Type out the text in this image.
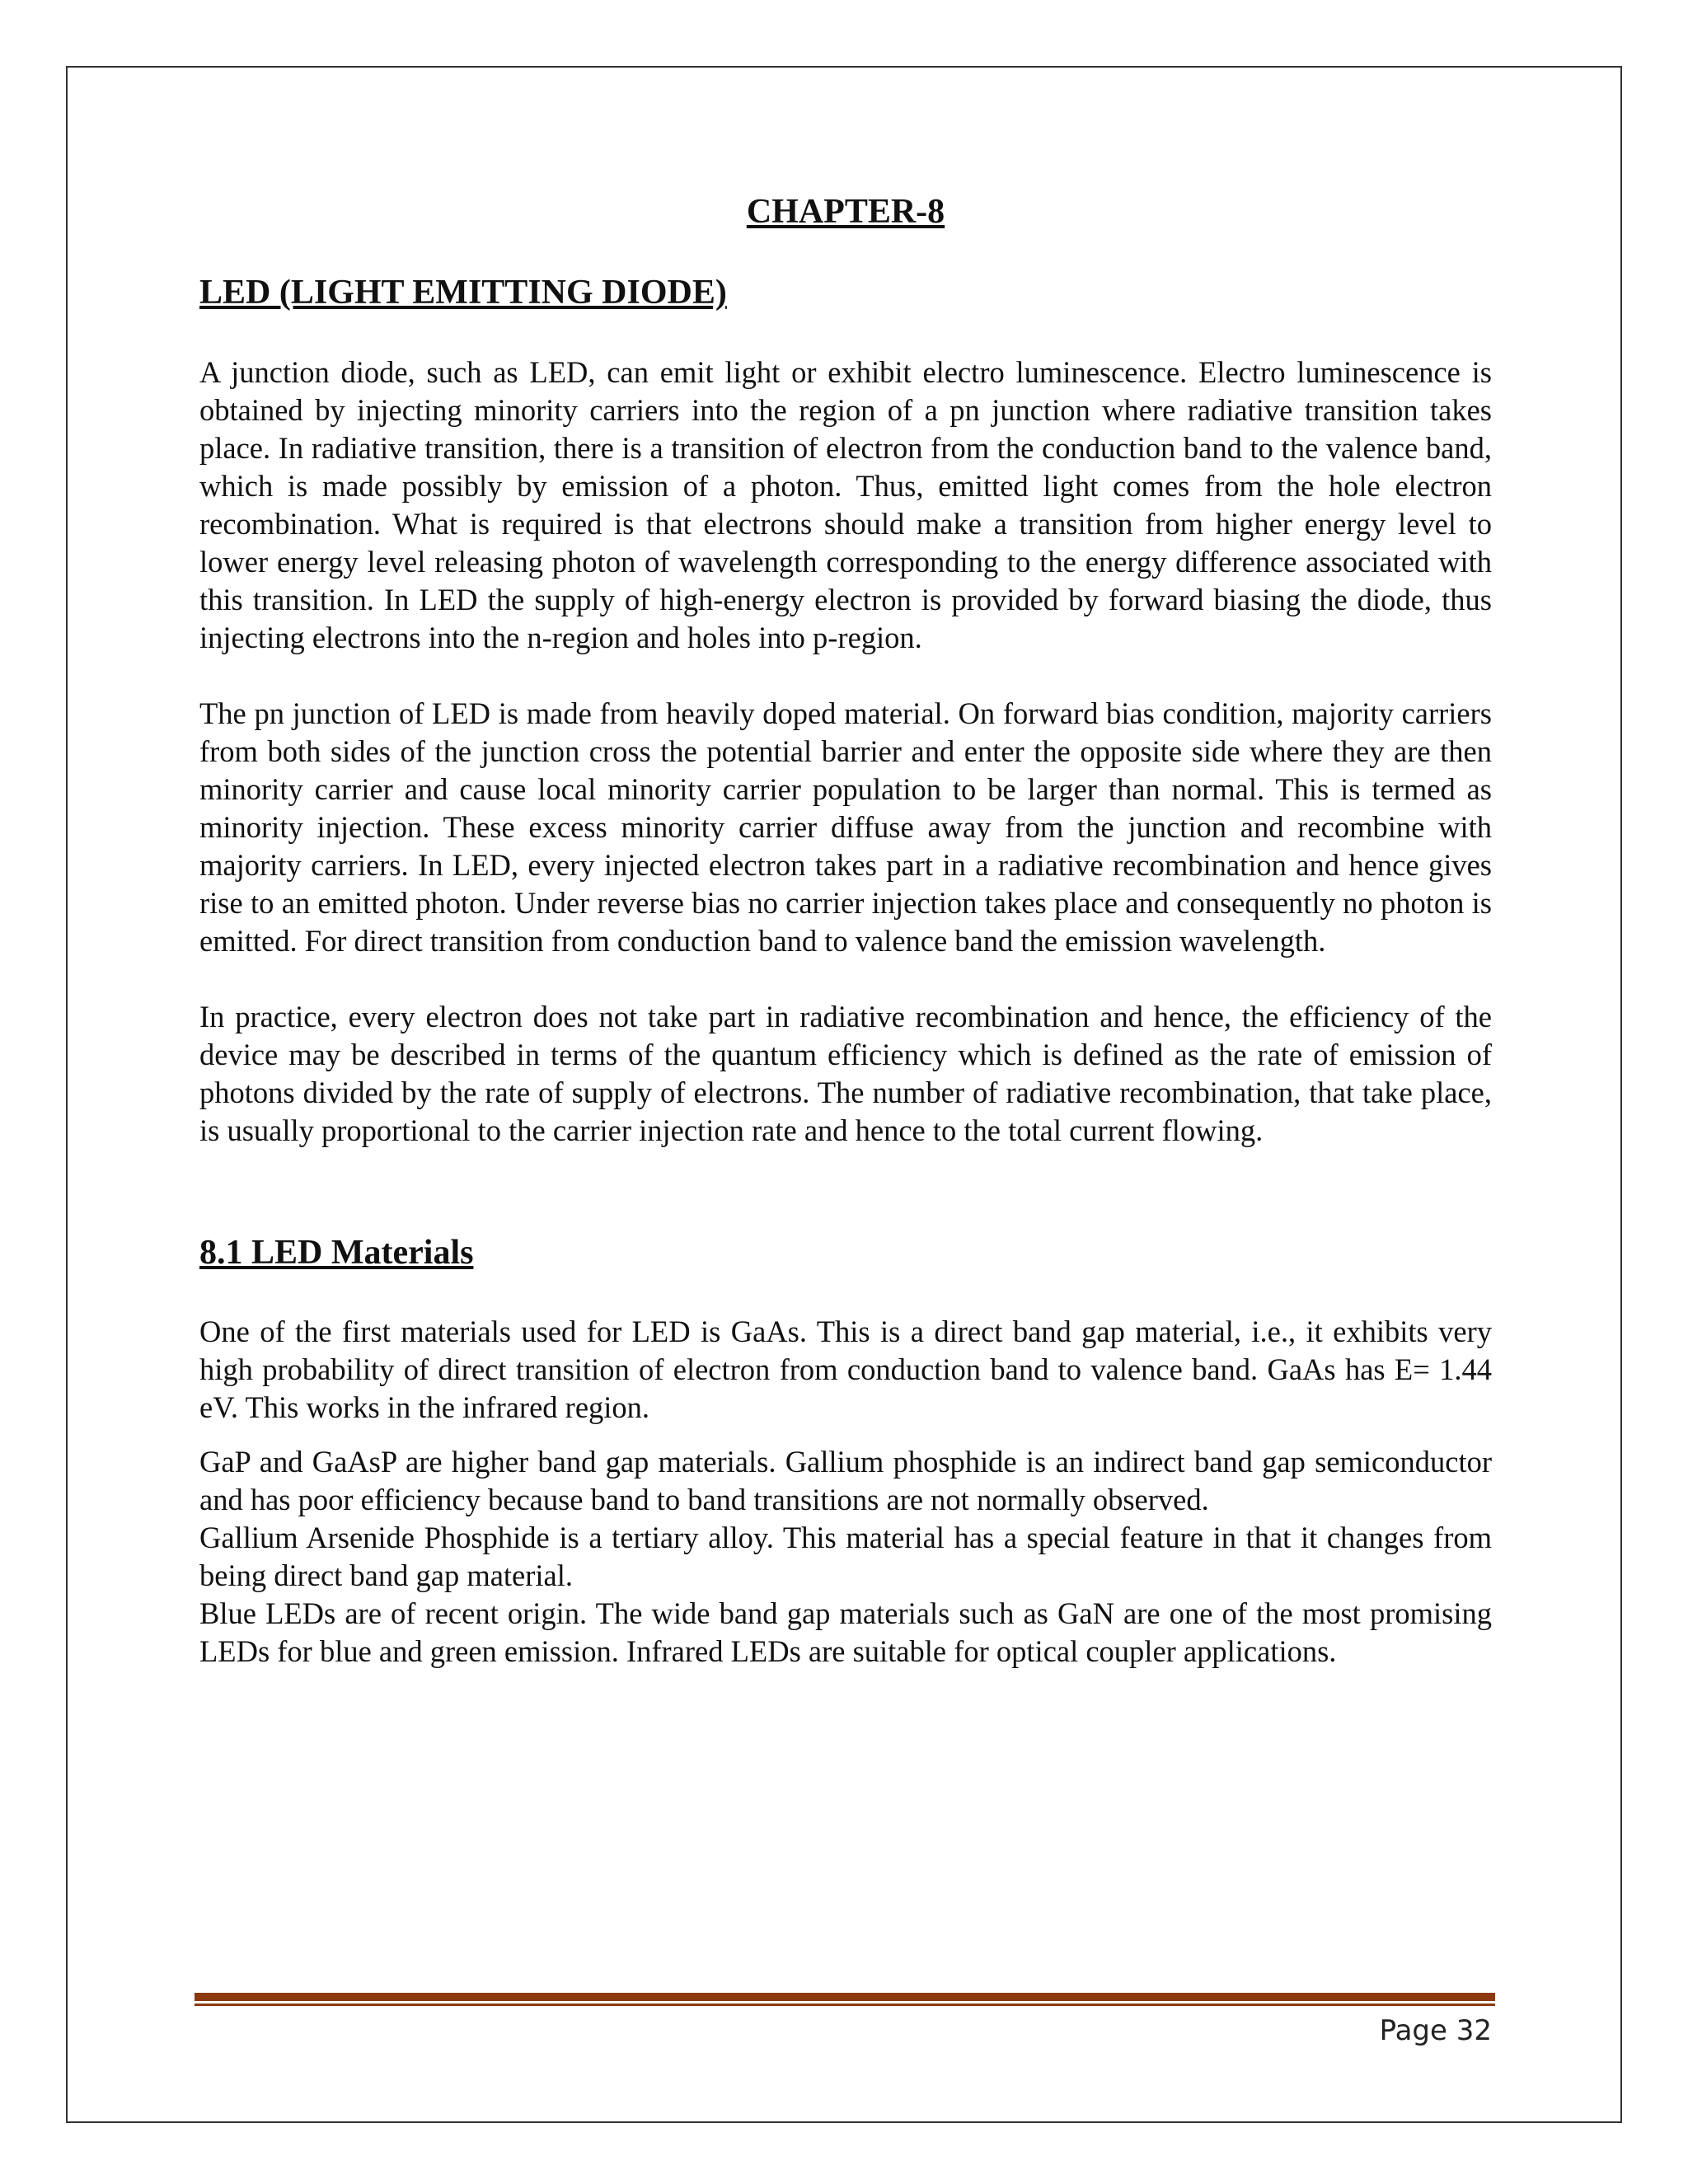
CHAPTER-8
LED (LIGHT EMITTING DIODE)

A junction diode, such as LED, can emit light or exhibit electro luminescence. Electro luminescence is obtained by injecting minority carriers into the region of a pn junction where radiative transition takes place. In radiative transition, there is a transition of electron from the conduction band to the valence band, which is made possibly by emission of a photon. Thus, emitted light comes from the hole electron recombination. What is required is that electrons should make a transition from higher energy level to lower energy level releasing photon of wavelength corresponding to the energy difference associated with this transition. In LED the supply of high-energy electron is provided by forward biasing the diode, thus injecting electrons into the n-region and holes into p-region.

The pn junction of LED is made from heavily doped material. On forward bias condition, majority carriers from both sides of the junction cross the potential barrier and enter the opposite side where they are then minority carrier and cause local minority carrier population to be larger than normal. This is termed as minority injection. These excess minority carrier diffuse away from the junction and recombine with majority carriers. In LED, every injected electron takes part in a radiative recombination and hence gives rise to an emitted photon. Under reverse bias no carrier injection takes place and consequently no photon is emitted. For direct transition from conduction band to valence band the emission wavelength.

In practice, every electron does not take part in radiative recombination and hence, the efficiency of the device may be described in terms of the quantum efficiency which is defined as the rate of emission of photons divided by the rate of supply of electrons. The number of radiative recombination, that take place, is usually proportional to the carrier injection rate and hence to the total current flowing.

8.1 LED Materials

One of the first materials used for LED is GaAs. This is a direct band gap material, i.e., it exhibits very high probability of direct transition of electron from conduction band to valence band. GaAs has E= 1.44 eV. This works in the infrared region.

GaP and GaAsP are higher band gap materials. Gallium phosphide is an indirect band gap semiconductor and has poor efficiency because band to band transitions are not normally observed.

Gallium Arsenide Phosphide is a tertiary alloy. This material has a special feature in that it changes from being direct band gap material.

Blue LEDs are of recent origin. The wide band gap materials such as GaN are one of the most promising LEDs for blue and green emission. Infrared LEDs are suitable for optical coupler applications.

Page 32
